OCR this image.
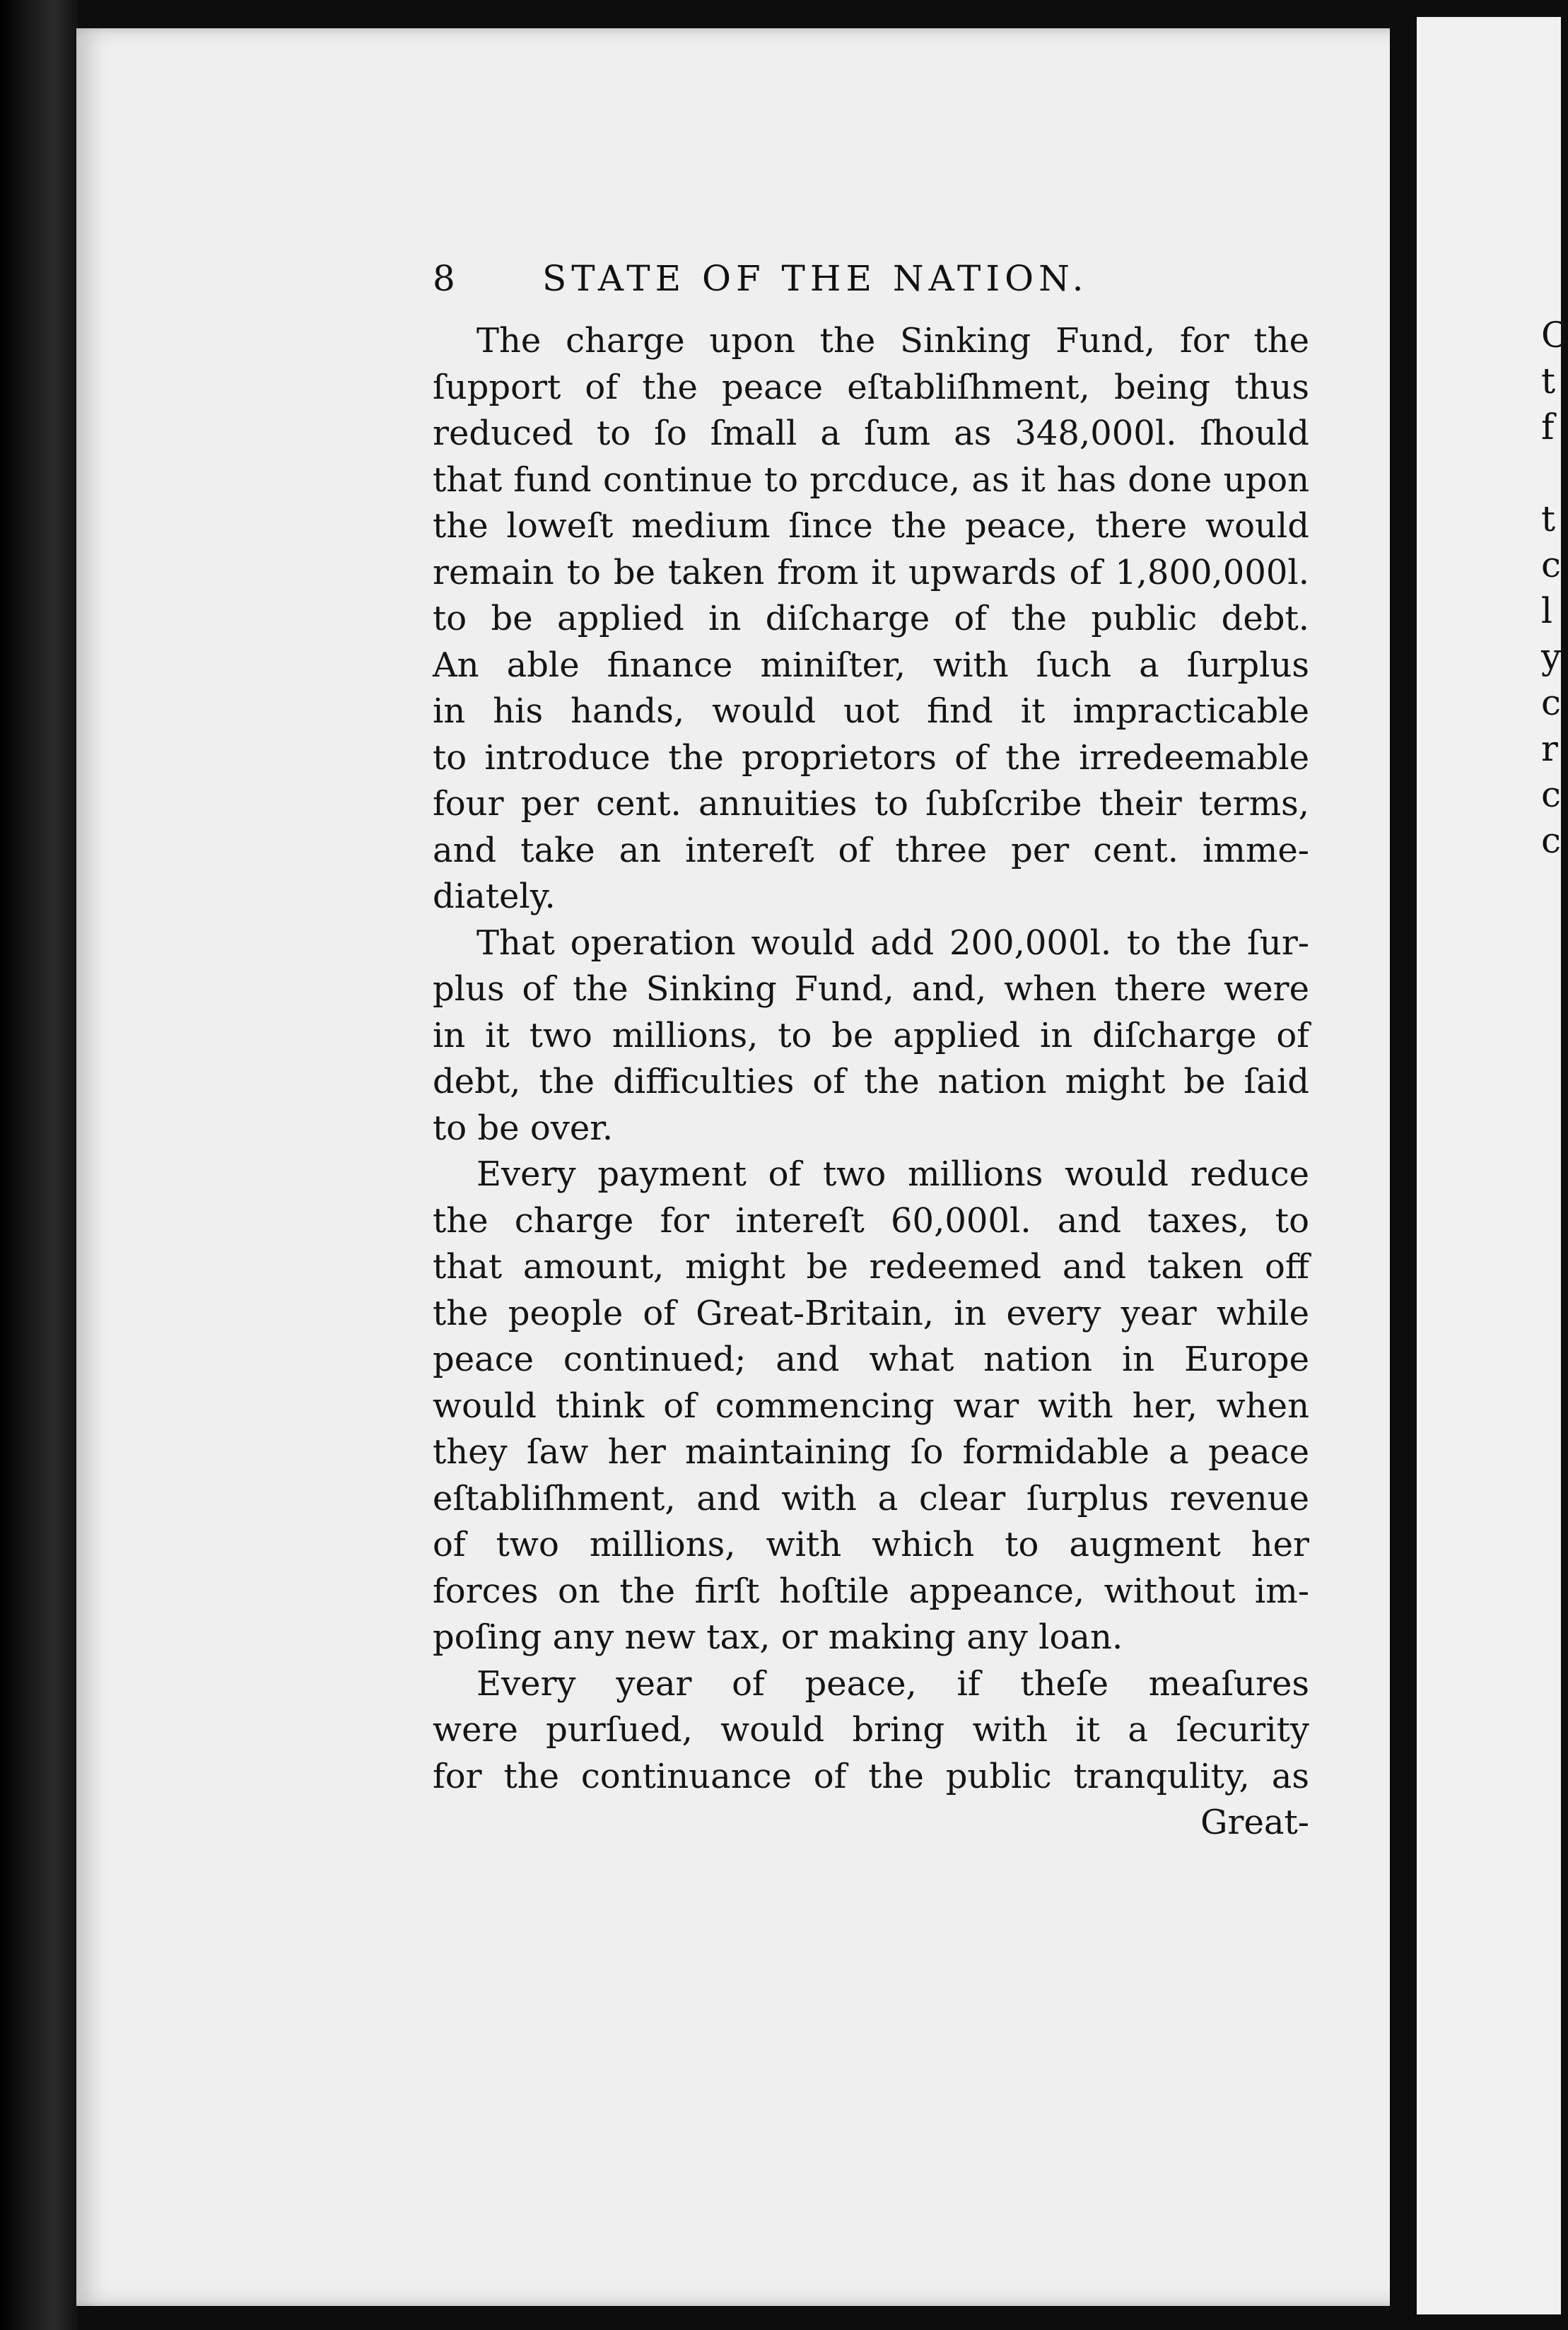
C
t
f
t
c
l
y
c
r
c
c
8 STATE OF THE NATION.
The charge upon the Sinking Fund, for the
ſupport of the peace eſtabliſhment, being thus
reduced to ſo ſmall a ſum as 348,000l. ſhould
that fund continue to prcduce, as it has done upon
the loweſt medium ſince the peace, there would
remain to be taken from it upwards of 1,800,000l.
to be applied in diſcharge of the public debt.
An able finance miniſter, with ſuch a ſurplus
in his hands, would uot find it impracticable
to introduce the proprietors of the irredeemable
four per cent. annuities to ſubſcribe their terms,
and take an intereſt of three per cent. imme-
diately.
That operation would add 200,000l. to the ſur-
plus of the Sinking Fund, and, when there were
in it two millions, to be applied in diſcharge of
debt, the difficulties of the nation might be ſaid
to be over.
Every payment of two millions would reduce
the charge for intereſt 60,000l. and taxes, to
that amount, might be redeemed and taken off
the people of Great-Britain, in every year while
peace continued; and what nation in Europe
would think of commencing war with her, when
they ſaw her maintaining ſo formidable a peace
eſtabliſhment, and with a clear ſurplus revenue
of two millions, with which to augment her
forces on the firſt hoſtile appeance, without im-
poſing any new tax, or making any loan.
Every year of peace, if theſe meaſures
were purſued, would bring with it a ſecurity
for the continuance of the public tranqulity, as
Great-
